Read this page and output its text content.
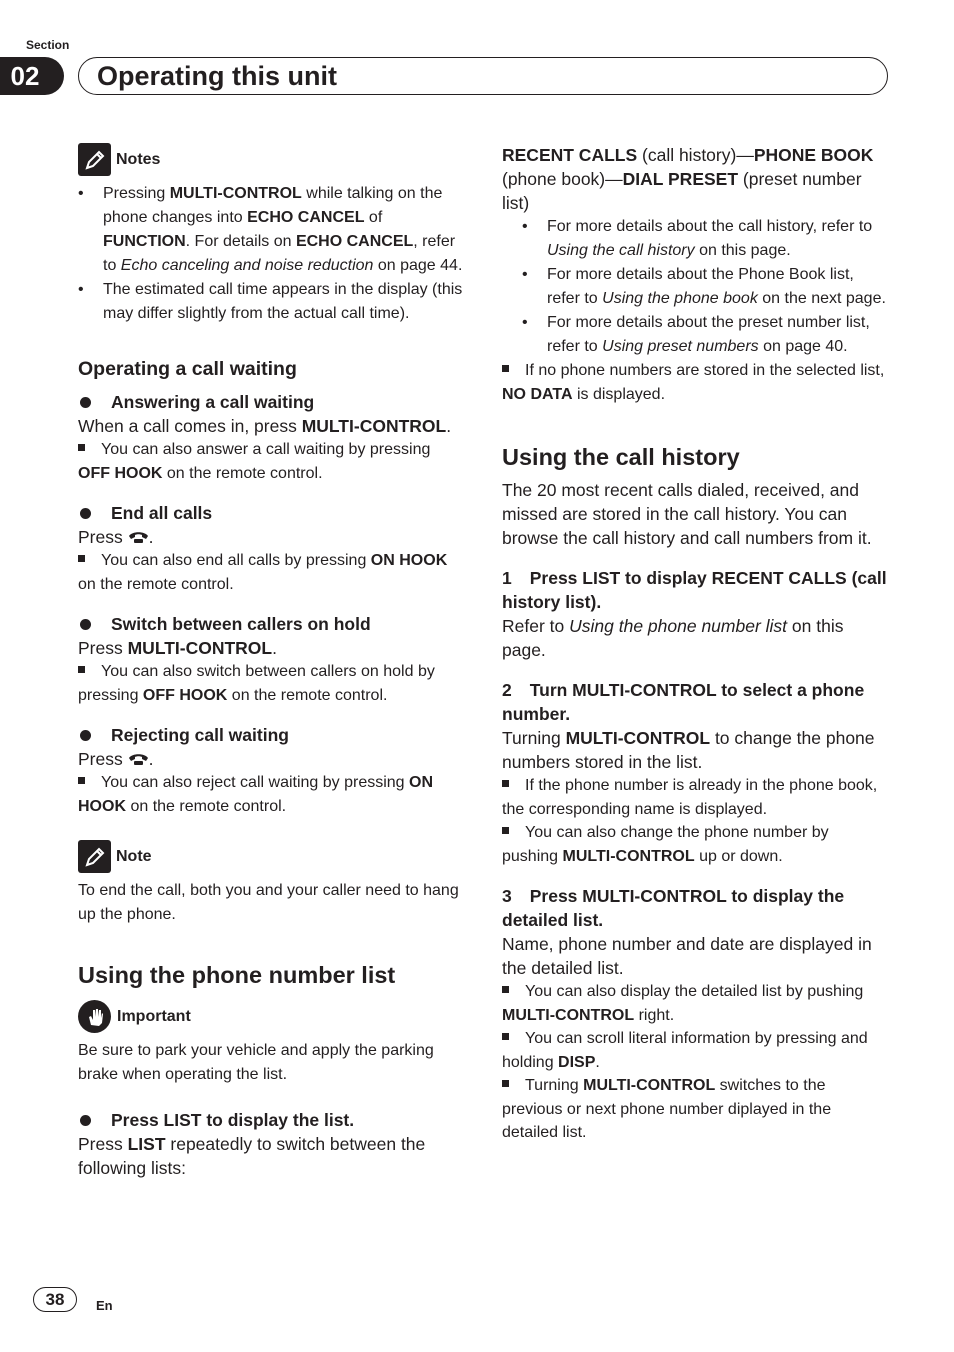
Section
02	Operating this unit
Notes
• Pressing MULTI-CONTROL while talking on the phone changes into ECHO CANCEL of FUNCTION. For details on ECHO CANCEL, refer to Echo canceling and noise reduction on page 44.
• The estimated call time appears in the display (this may differ slightly from the actual call time).
Operating a call waiting
Answering a call waiting

When a call comes in, press MULTI-CONTROL.

You can also answer a call waiting by pressing OFF HOOK on the remote control.

End all calls

Press
.

You can also end all calls by pressing ON HOOK on the remote control.

Switch between callers on hold

Press MULTI-CONTROL.

You can also switch between callers on hold by pressing OFF HOOK on the remote control.

Rejecting call waiting

Press
.

You can also reject call waiting by pressing ON HOOK on the remote control.

Note

To end the call, both you and your caller need to hang up the phone.

Using the phone number list
Important

Be sure to park your vehicle and apply the parking brake when operating the list.

Press LIST to display the list.

Press LIST repeatedly to switch between the following lists:

RECENT CALLS (call history)—PHONE BOOK (phone book)—DIAL PRESET (preset number list)

• For more details about the call history, refer to Using the call history on this page.
• For more details about the Phone Book list, refer to Using the phone book on the next page.
• For more details about the preset number list, refer to Using preset numbers on page 40.

If no phone numbers are stored in the selected list, NO DATA is displayed.

Using the call history

The 20 most recent calls dialed, received, and missed are stored in the call history. You can browse the call history and call numbers from it.

1 Press LIST to display RECENT CALLS (call history list).

Refer to Using the phone number list on this page.

2 Turn MULTI-CONTROL to select a phone number.

Turning MULTI-CONTROL to change the phone numbers stored in the list.

If the phone number is already in the phone book, the corresponding name is displayed.

You can also change the phone number by pushing MULTI-CONTROL up or down.

3 Press MULTI-CONTROL to display the detailed list.

Name, phone number and date are displayed in the detailed list.

You can also display the detailed list by pushing MULTI-CONTROL right.

You can scroll literal information by pressing and holding DISP.

Turning MULTI-CONTROL switches to the previous or next phone number diplayed in the detailed list.

38	En
